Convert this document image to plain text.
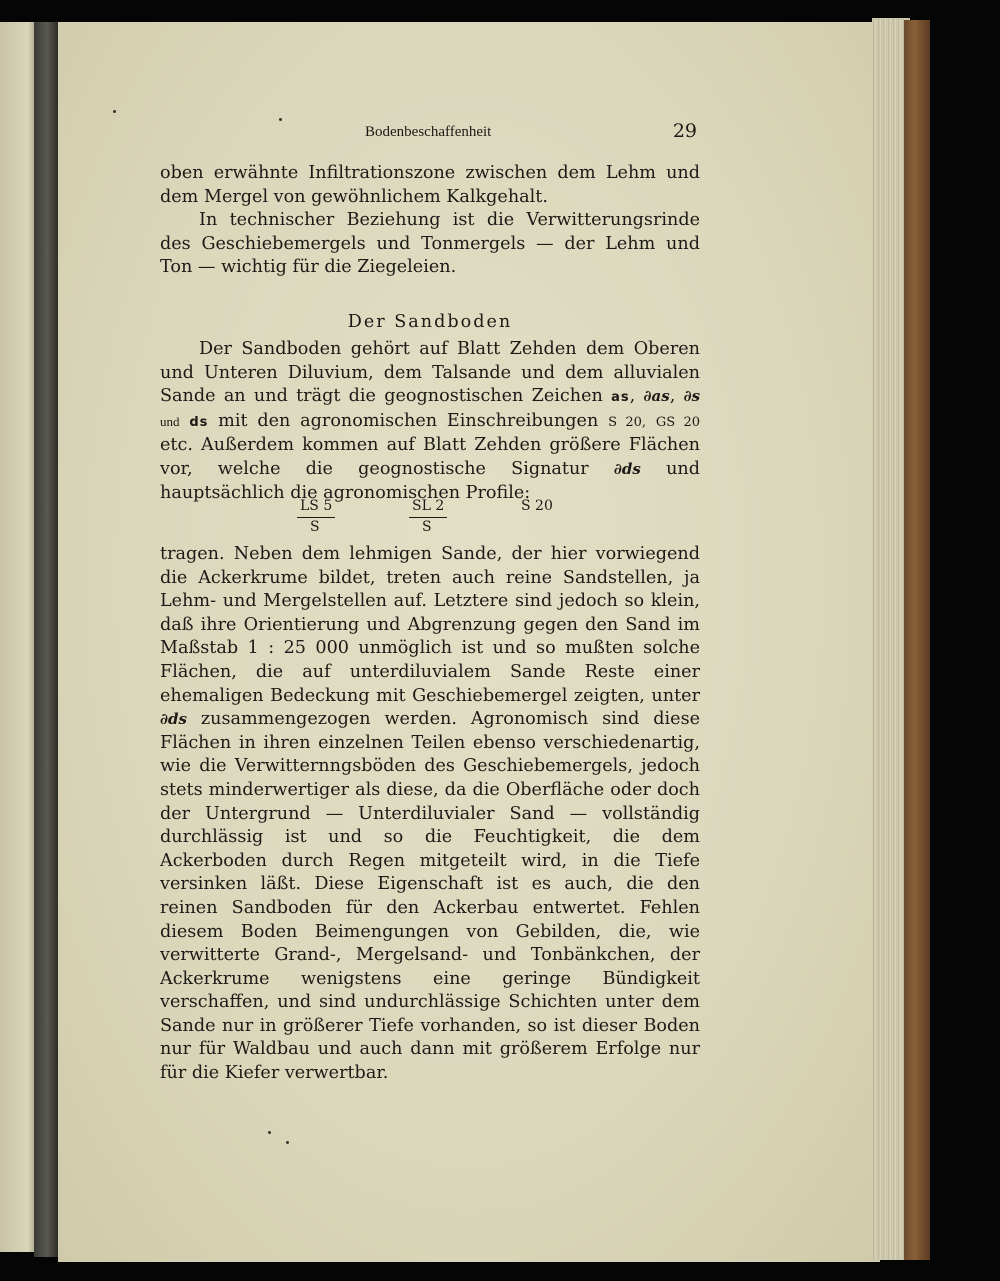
Bodenbeschaffenheit	29

oben erwähnte Infiltrationszone zwischen dem Lehm und dem Mergel von gewöhnlichem Kalkgehalt.

In technischer Beziehung ist die Verwitterungsrinde des Geschiebemergels und Tonmergels — der Lehm und Ton — wichtig für die Ziegeleien.

Der Sandboden

Der Sandboden gehört auf Blatt Zehden dem Oberen und Unteren Diluvium, dem Talsande und dem alluvialen Sande an und trägt die geognostischen Zeichen as, ∂as, ∂s und ds mit den agronomischen Einschreibungen S 20, GS 20 etc. Außerdem kommen auf Blatt Zehden größere Flächen vor, welche die geognostische Signatur ∂ds und hauptsächlich die agronomischen Profile:

LS 5
S
SL 2
S
S 20

tragen. Neben dem lehmigen Sande, der hier vorwiegend die Ackerkrume bildet, treten auch reine Sandstellen, ja Lehm- und Mergelstellen auf. Letztere sind jedoch so klein, daß ihre Orientierung und Abgrenzung gegen den Sand im Maßstab 1 : 25 000 unmöglich ist und so mußten solche Flächen, die auf unterdiluvialem Sande Reste einer ehemaligen Bedeckung mit Geschiebemergel zeigten, unter ∂ds zusammengezogen werden. Agronomisch sind diese Flächen in ihren einzelnen Teilen ebenso verschiedenartig, wie die Verwitternngsböden des Geschiebemergels, jedoch stets minderwertiger als diese, da die Oberfläche oder doch der Untergrund — Unterdiluvialer Sand — vollständig durchlässig ist und so die Feuchtigkeit, die dem Ackerboden durch Regen mitgeteilt wird, in die Tiefe versinken läßt. Diese Eigenschaft ist es auch, die den reinen Sandboden für den Ackerbau entwertet. Fehlen diesem Boden Beimengungen von Gebilden, die, wie verwitterte Grand-, Mergelsand- und Tonbänkchen, der Ackerkrume wenigstens eine geringe Bündigkeit verschaffen, und sind undurchlässige Schichten unter dem Sande nur in größerer Tiefe vorhanden, so ist dieser Boden nur für Waldbau und auch dann mit größerem Erfolge nur für die Kiefer verwertbar.
